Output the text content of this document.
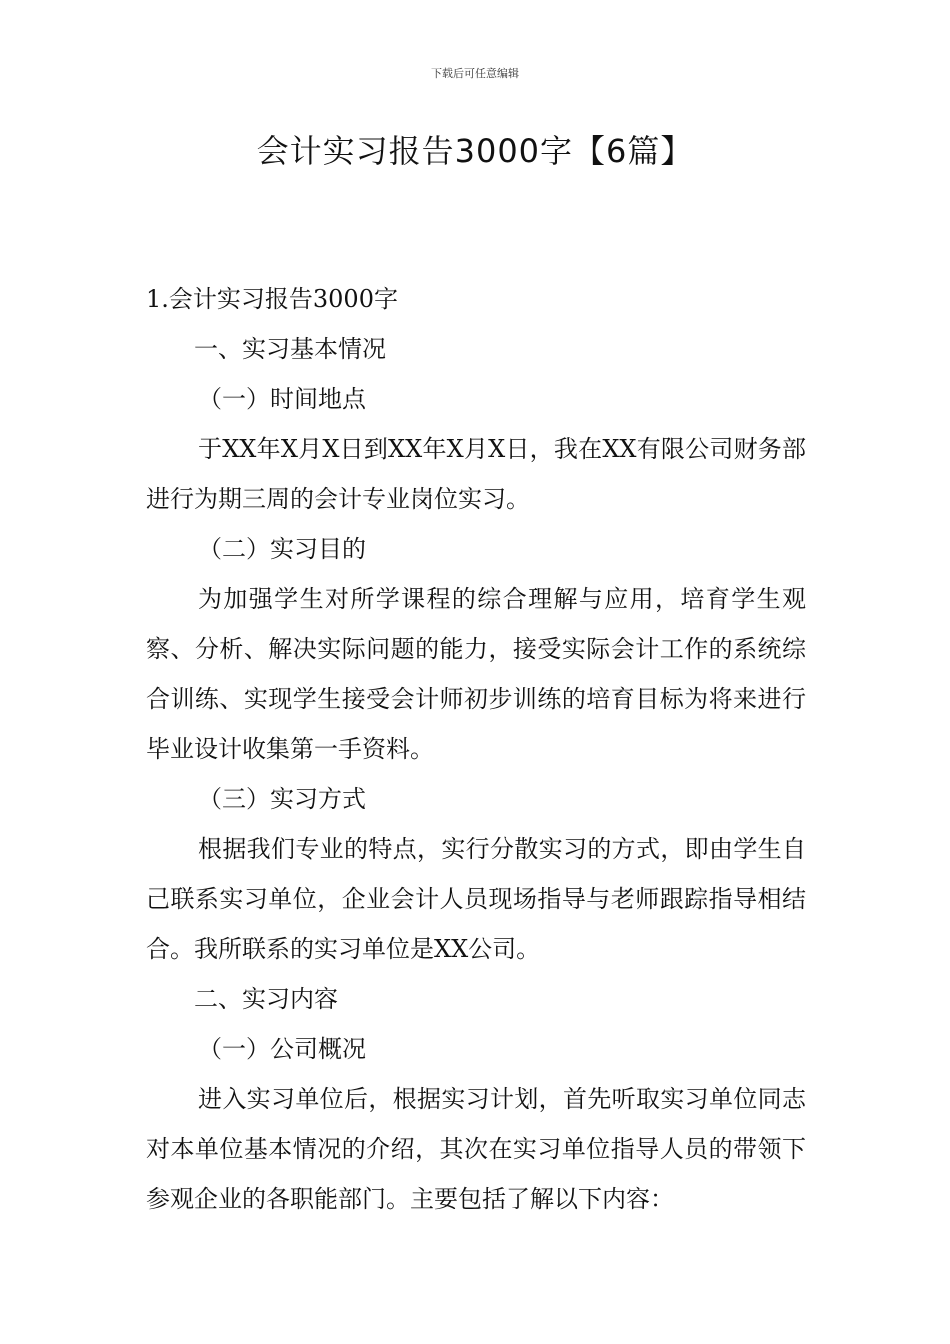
下载后可任意编辑
会计实习报告3000字【6篇】

1.会计实习报告3000字

一、实习基本情况

（一）时间地点

于XX年X月X日到XX年X月X日，我在XX有限公司财务部进行为期三周的会计专业岗位实习。

（二）实习目的

为加强学生对所学课程的综合理解与应用，培育学生观察、分析、解决实际问题的能力，接受实际会计工作的系统综合训练、实现学生接受会计师初步训练的培育目标为将来进行毕业设计收集第一手资料。

（三）实习方式

根据我们专业的特点，实行分散实习的方式，即由学生自己联系实习单位，企业会计人员现场指导与老师跟踪指导相结合。我所联系的实习单位是XX公司。

二、实习内容

（一）公司概况

进入实习单位后，根据实习计划，首先听取实习单位同志对本单位基本情况的介绍，其次在实习单位指导人员的带领下参观企业的各职能部门。主要包括了解以下内容：
